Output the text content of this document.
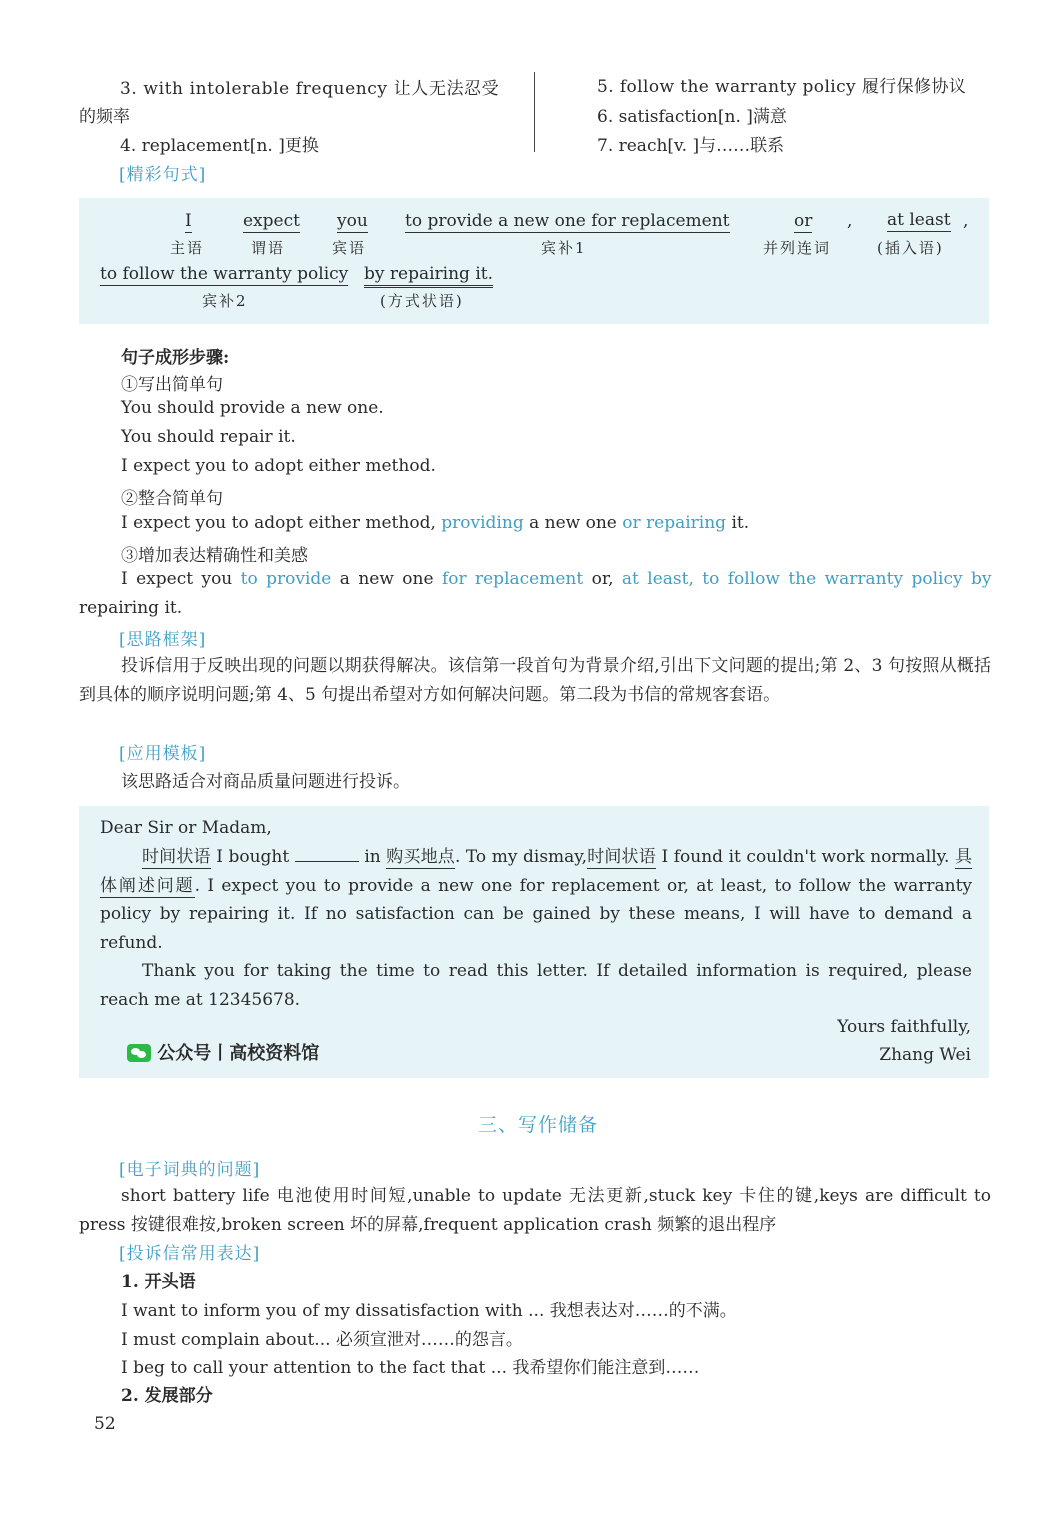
3. with intolerable frequency 让人无法忍受
的频率
4. replacement[n. ]更换
5. follow the warranty policy 履行保修协议
6. satisfaction[n. ]满意
7. reach[v. ]与……联系
[精彩句式]
I
主语
expect
谓语
you
宾语
to provide a new one for replacement
宾补1
or
并列连词
, at least
(插入语)
,
to follow the warranty policy
宾补2
by repairing it.
(方式状语)
句子成形步骤:
①写出简单句
You should provide a new one.
You should repair it.
I expect you to adopt either method.
②整合简单句
I expect you to adopt either method, providing a new one or repairing it.
③增加表达精确性和美感
I expect you to provide a new one for replacement or, at least, to follow the warranty policy by
repairing it.
[思路框架]

投诉信用于反映出现的问题以期获得解决。该信第一段首句为背景介绍,引出下文问题的提出;第 2、3 句按照从概括到具体的顺序说明问题;第 4、5 句提出希望对方如何解决问题。第二段为书信的常规客套语。

[应用模板]
该思路适合对商品质量问题进行投诉。
Dear Sir or Madam,

时间状语 I bought	in 购买地点. To my dismay,时间状语 I found it couldn't work normally. 具体阐述问题. I expect you to provide a new one for replacement or, at least, to follow the warranty policy by repairing it. If no satisfaction can be gained by these means, I will have to demand a refund.

Thank you for taking the time to read this letter. If detailed information is required, please reach me at 12345678.

Yours faithfully,
Zhang Wei
公众号丨高校资料馆
三、写作储备
[电子词典的问题]

short battery life 电池使用时间短,unable to update 无法更新,stuck key 卡住的键,keys are difficult to press 按键很难按,broken screen 坏的屏幕,frequent application crash 频繁的退出程序

[投诉信常用表达]
1. 开头语
I want to inform you of my dissatisfaction with ... 我想表达对……的不满。
I must complain about... 必须宣泄对……的怨言。
I beg to call your attention to the fact that ... 我希望你们能注意到……
2. 发展部分
52
